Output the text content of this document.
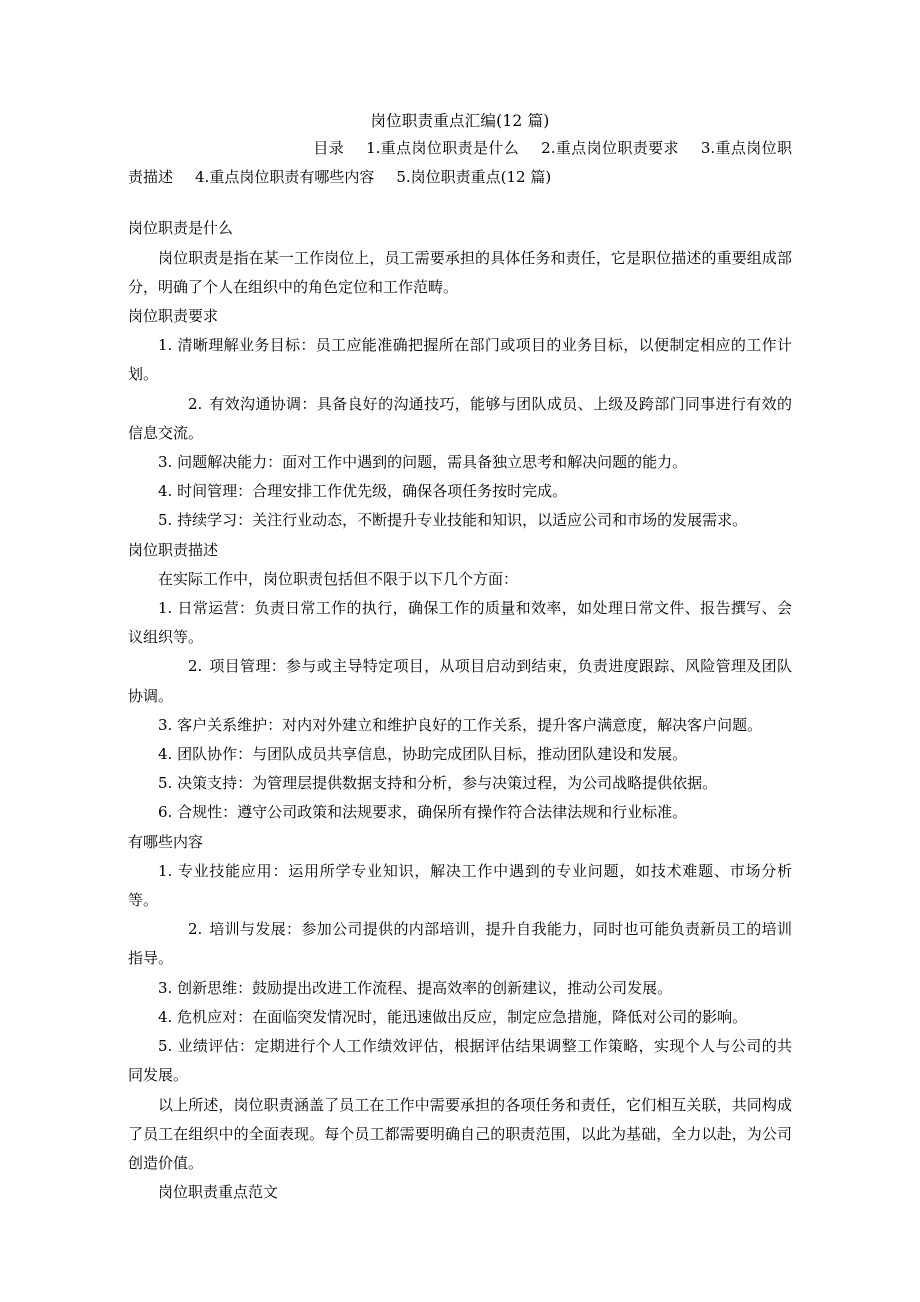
岗位职责重点汇编(12 篇)

目录 1.重点岗位职责是什么 2.重点岗位职责要求 3.重点岗位职责描述 4.重点岗位职责有哪些内容 5.岗位职责重点(12 篇)

岗位职责是什么

岗位职责是指在某一工作岗位上，员工需要承担的具体任务和责任，它是职位描述的重要组成部分，明确了个人在组织中的角色定位和工作范畴。

岗位职责要求

1. 清晰理解业务目标：员工应能准确把握所在部门或项目的业务目标，以便制定相应的工作计划。

2. 有效沟通协调：具备良好的沟通技巧，能够与团队成员、上级及跨部门同事进行有效的信息交流。

3. 问题解决能力：面对工作中遇到的问题，需具备独立思考和解决问题的能力。

4. 时间管理：合理安排工作优先级，确保各项任务按时完成。

5. 持续学习：关注行业动态，不断提升专业技能和知识，以适应公司和市场的发展需求。

岗位职责描述

在实际工作中，岗位职责包括但不限于以下几个方面：

1. 日常运营：负责日常工作的执行，确保工作的质量和效率，如处理日常文件、报告撰写、会议组织等。

2. 项目管理：参与或主导特定项目，从项目启动到结束，负责进度跟踪、风险管理及团队协调。

3. 客户关系维护：对内对外建立和维护良好的工作关系，提升客户满意度，解决客户问题。

4. 团队协作：与团队成员共享信息，协助完成团队目标，推动团队建设和发展。

5. 决策支持：为管理层提供数据支持和分析，参与决策过程，为公司战略提供依据。

6. 合规性：遵守公司政策和法规要求，确保所有操作符合法律法规和行业标准。

有哪些内容

1. 专业技能应用：运用所学专业知识，解决工作中遇到的专业问题，如技术难题、市场分析等。

2. 培训与发展：参加公司提供的内部培训，提升自我能力，同时也可能负责新员工的培训指导。

3. 创新思维：鼓励提出改进工作流程、提高效率的创新建议，推动公司发展。

4. 危机应对：在面临突发情况时，能迅速做出反应，制定应急措施，降低对公司的影响。

5. 业绩评估：定期进行个人工作绩效评估，根据评估结果调整工作策略，实现个人与公司的共同发展。

以上所述，岗位职责涵盖了员工在工作中需要承担的各项任务和责任，它们相互关联，共同构成了员工在组织中的全面表现。每个员工都需要明确自己的职责范围，以此为基础，全力以赴，为公司创造价值。

岗位职责重点范文
